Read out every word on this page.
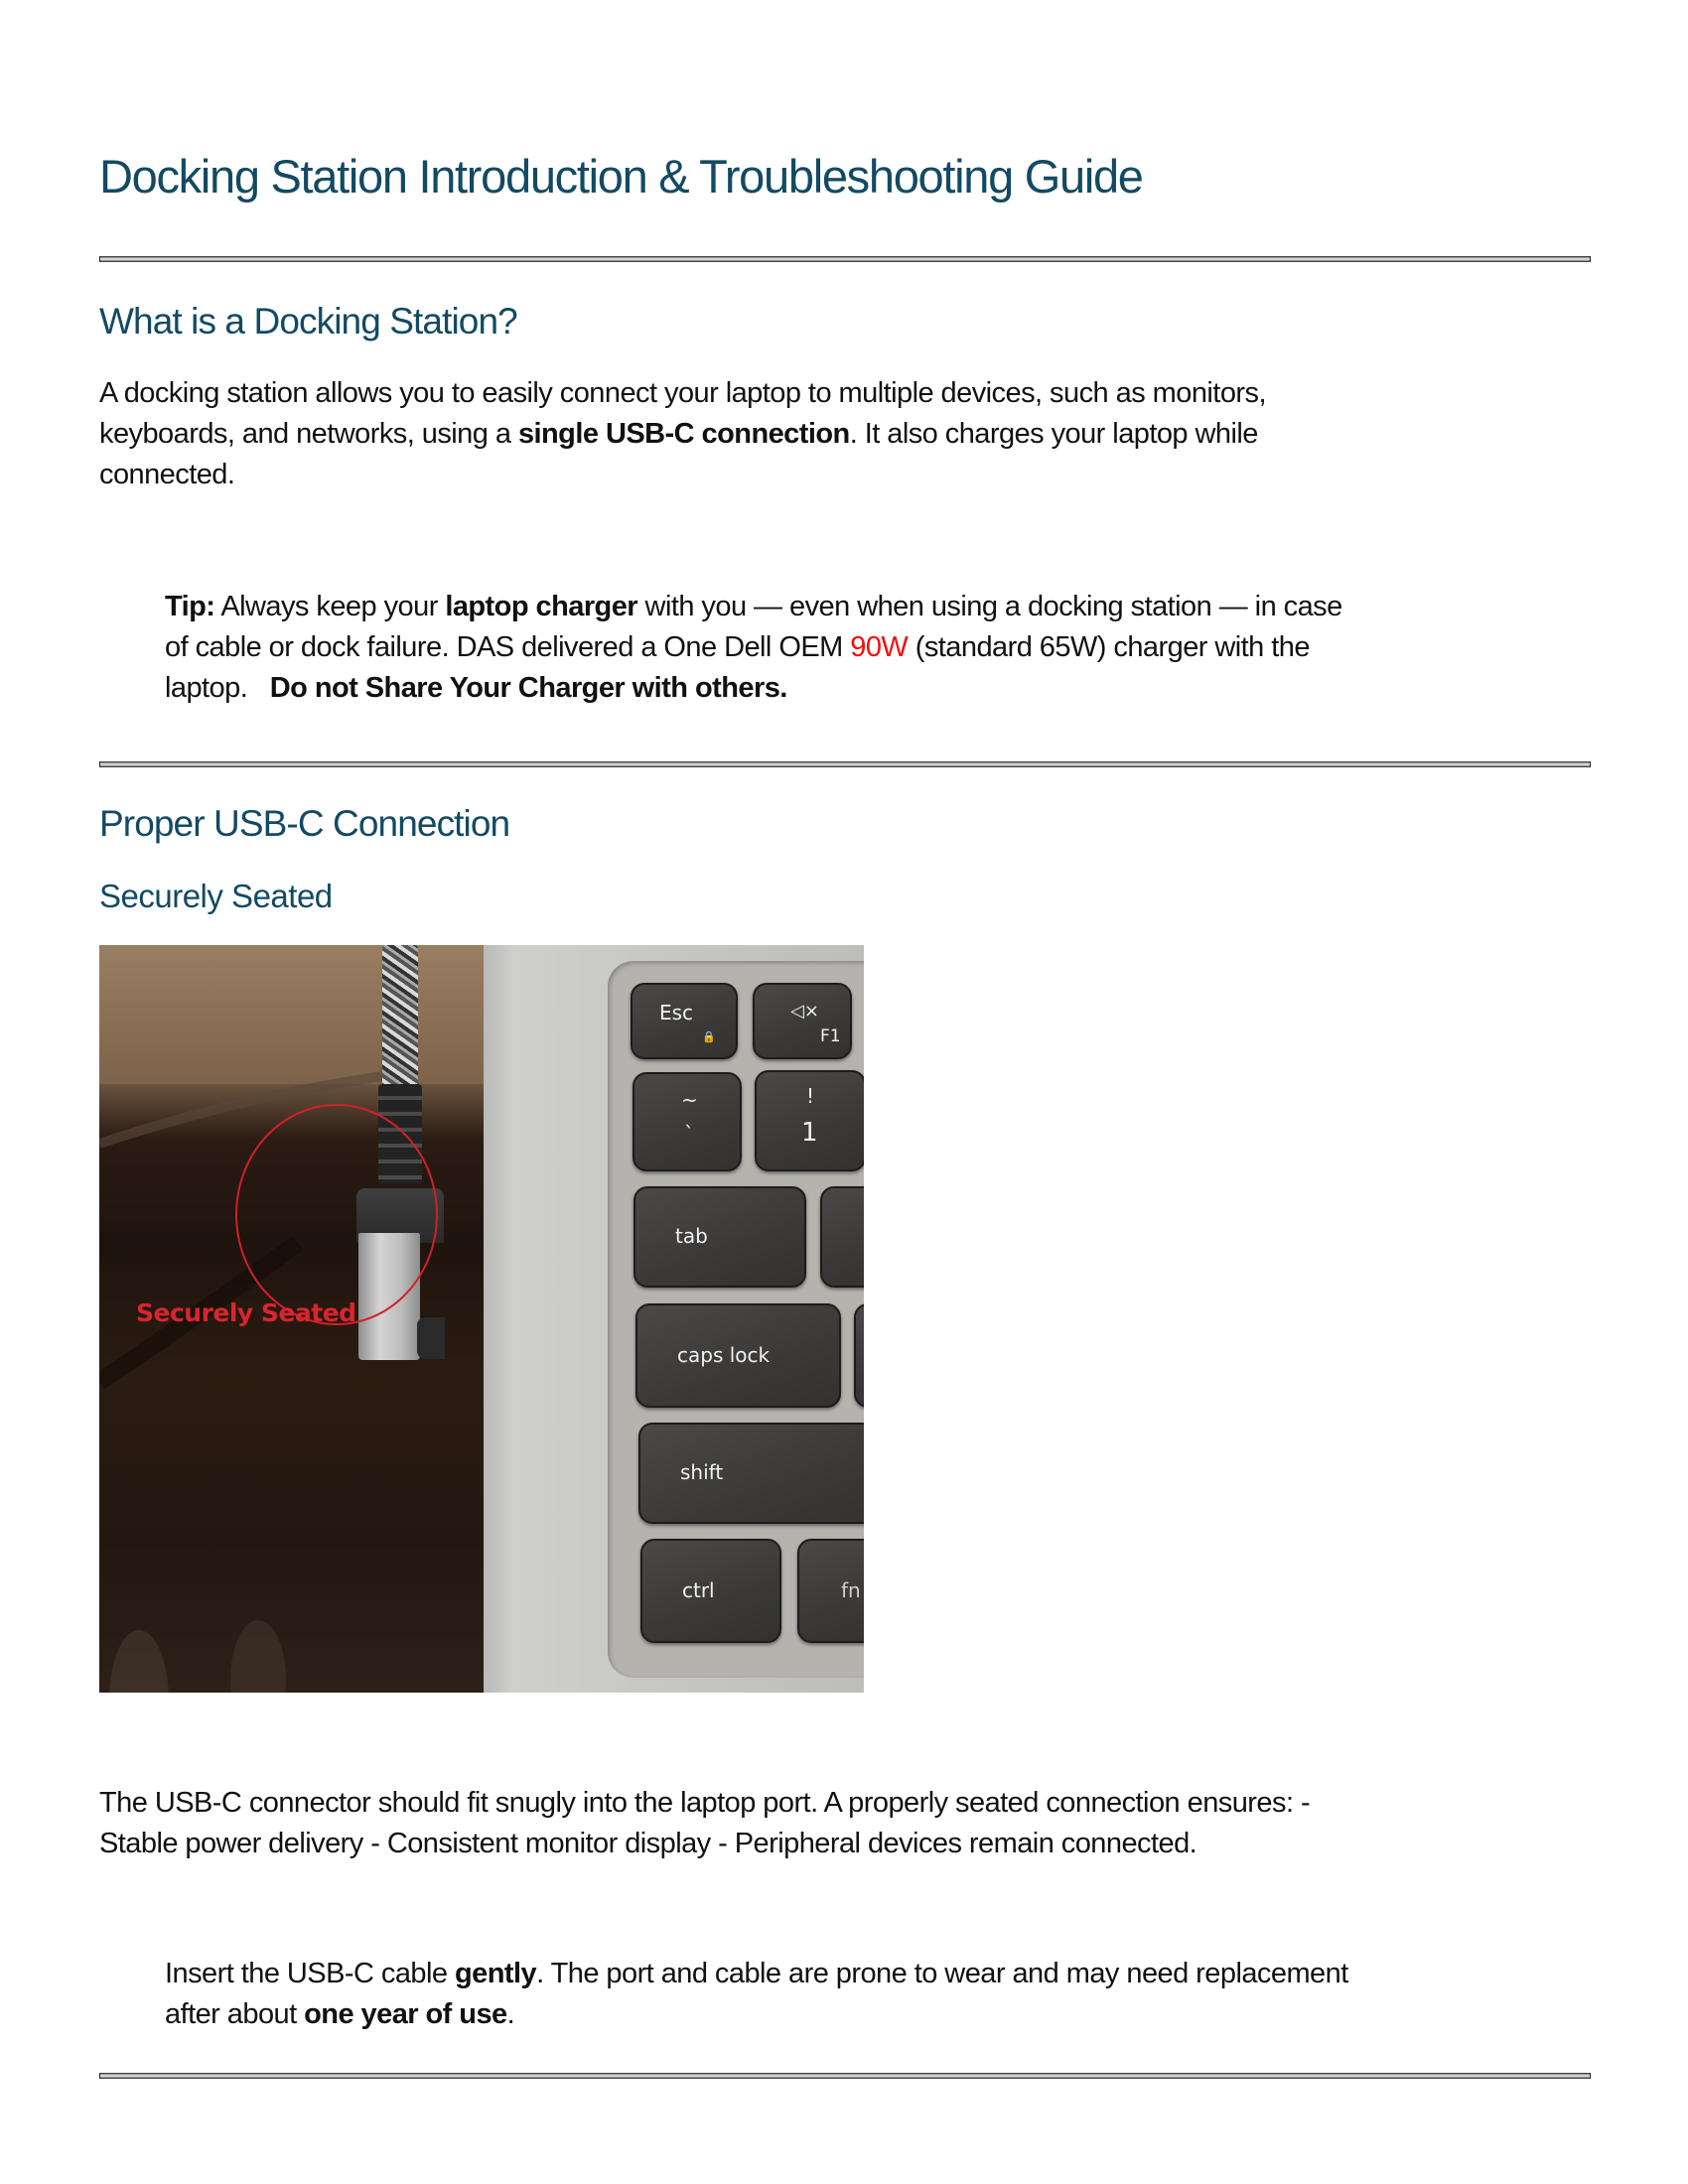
Docking Station Introduction & Troubleshooting Guide
What is a Docking Station?
A docking station allows you to easily connect your laptop to multiple devices, such as monitors,
keyboards, and networks, using a single USB-C connection. It also charges your laptop while
connected.
Tip: Always keep your laptop charger with you — even when using a docking station — in case
of cable or dock failure. DAS delivered a One Dell OEM 90W (standard 65W) charger with the
laptop.   Do not Share Your Charger with others.
Proper USB-C Connection
Securely Seated
Esc
🔒
◁×
F1
~
`
!
1
tab
caps lock
shift
ctrl	fn
Securely Seated
The USB-C connector should fit snugly into the laptop port. A properly seated connection ensures: -
Stable power delivery - Consistent monitor display - Peripheral devices remain connected.
Insert the USB-C cable gently. The port and cable are prone to wear and may need replacement
after about one year of use.
